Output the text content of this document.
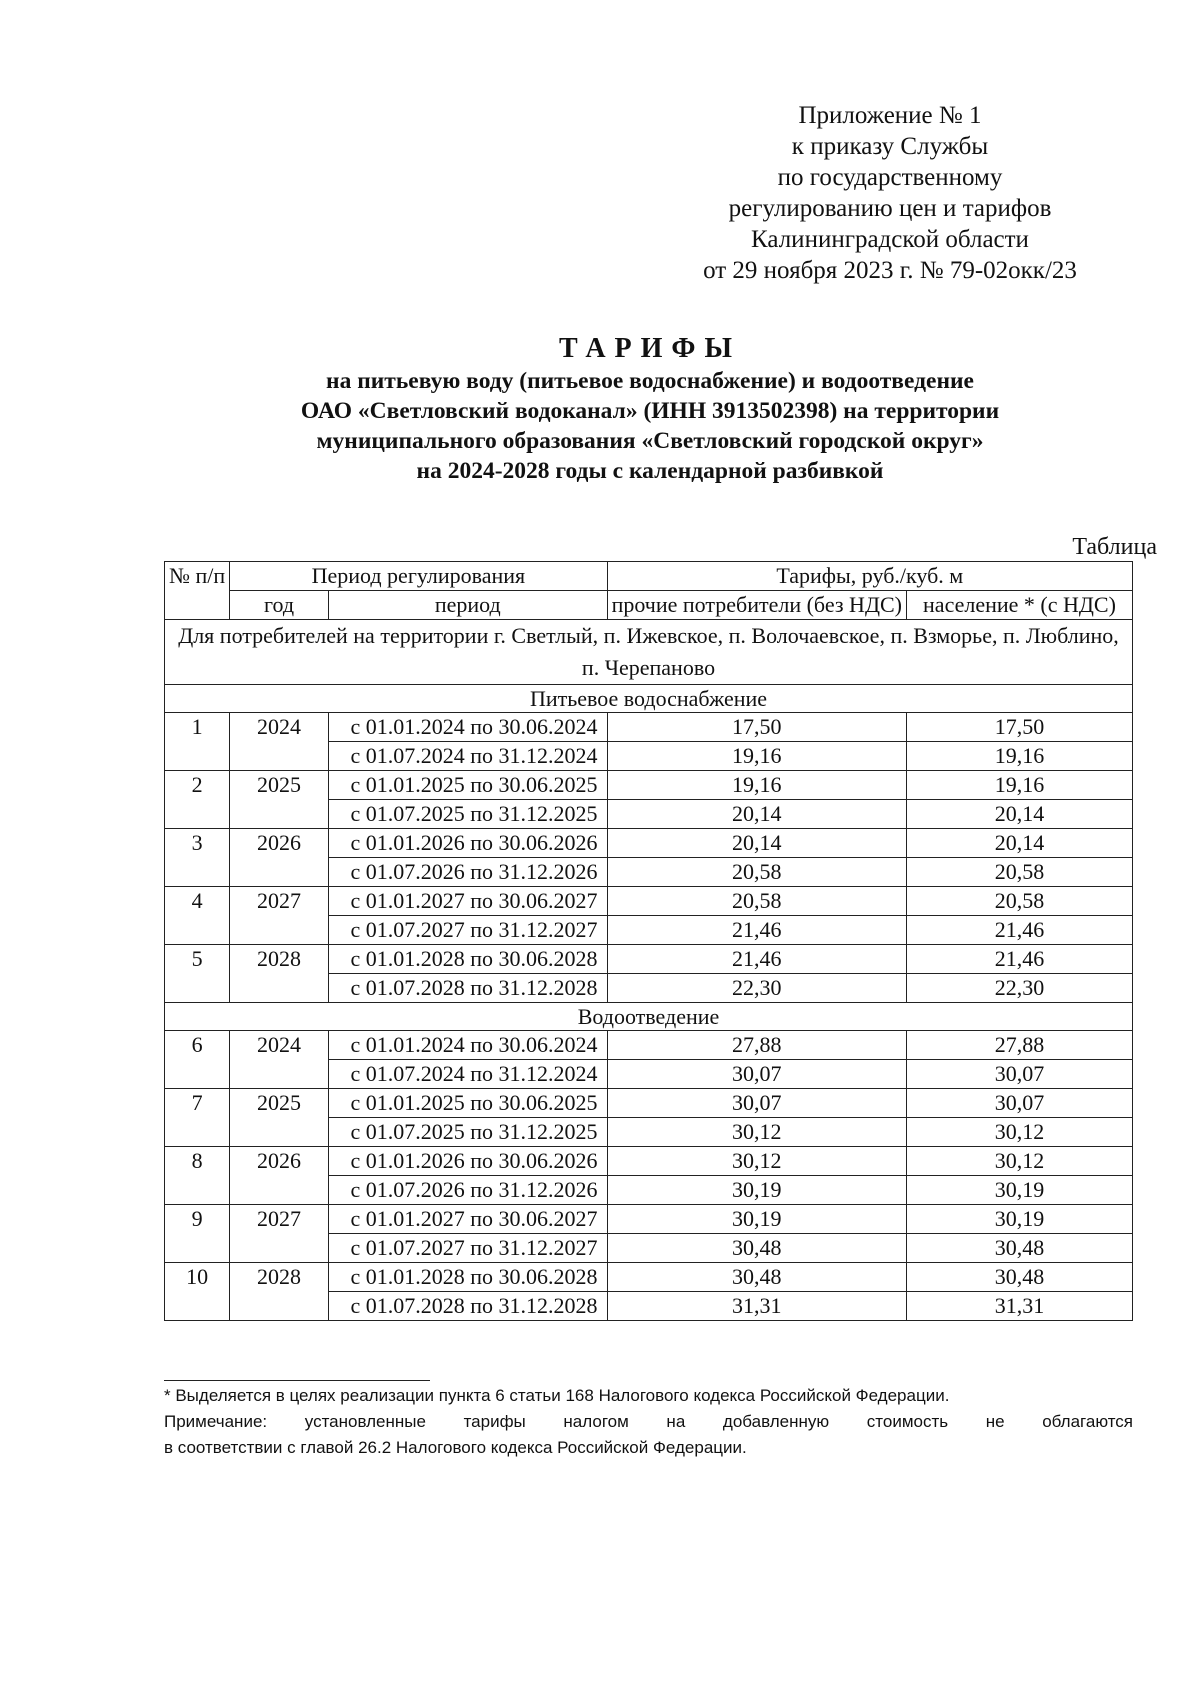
Приложение № 1
к приказу Службы
по государственному
регулированию цен и тарифов
Калининградской области
от 29 ноября 2023 г. № 79-02окк/23
ТАРИФЫ
на питьевую воду (питьевое водоснабжение) и водоотведение
ОАО «Светловский водоканал» (ИНН 3913502398) на территории
муниципального образования «Светловский городской округ»
на 2024-2028 годы с календарной разбивкой
Таблица
№ п/п	Период регулирования		Тарифы, руб./куб. м	
	год	период	прочие потребители (без НДС)	население * (с НДС)
Для потребителей на территории г. Светлый, п. Ижевское, п. Волочаевское, п. Взморье, п. Люблино, п. Черепаново				
Питьевое водоснабжение				
1	2024	с 01.01.2024 по 30.06.2024	17,50	17,50
		с 01.07.2024 по 31.12.2024	19,16	19,16
2	2025	с 01.01.2025 по 30.06.2025	19,16	19,16
		с 01.07.2025 по 31.12.2025	20,14	20,14
3	2026	с 01.01.2026 по 30.06.2026	20,14	20,14
		с 01.07.2026 по 31.12.2026	20,58	20,58
4	2027	с 01.01.2027 по 30.06.2027	20,58	20,58
		с 01.07.2027 по 31.12.2027	21,46	21,46
5	2028	с 01.01.2028 по 30.06.2028	21,46	21,46
		с 01.07.2028 по 31.12.2028	22,30	22,30
Водоотведение				
6	2024	с 01.01.2024 по 30.06.2024	27,88	27,88
		с 01.07.2024 по 31.12.2024	30,07	30,07
7	2025	с 01.01.2025 по 30.06.2025	30,07	30,07
		с 01.07.2025 по 31.12.2025	30,12	30,12
8	2026	с 01.01.2026 по 30.06.2026	30,12	30,12
		с 01.07.2026 по 31.12.2026	30,19	30,19
9	2027	с 01.01.2027 по 30.06.2027	30,19	30,19
		с 01.07.2027 по 31.12.2027	30,48	30,48
10	2028	с 01.01.2028 по 30.06.2028	30,48	30,48
		с 01.07.2028 по 31.12.2028	31,31	31,31
* Выделяется в целях реализации пункта 6 статьи 168 Налогового кодекса Российской Федерации.
Примечание: установленные тарифы налогом на добавленную стоимость не облагаются
в соответствии с главой 26.2 Налогового кодекса Российской Федерации.
